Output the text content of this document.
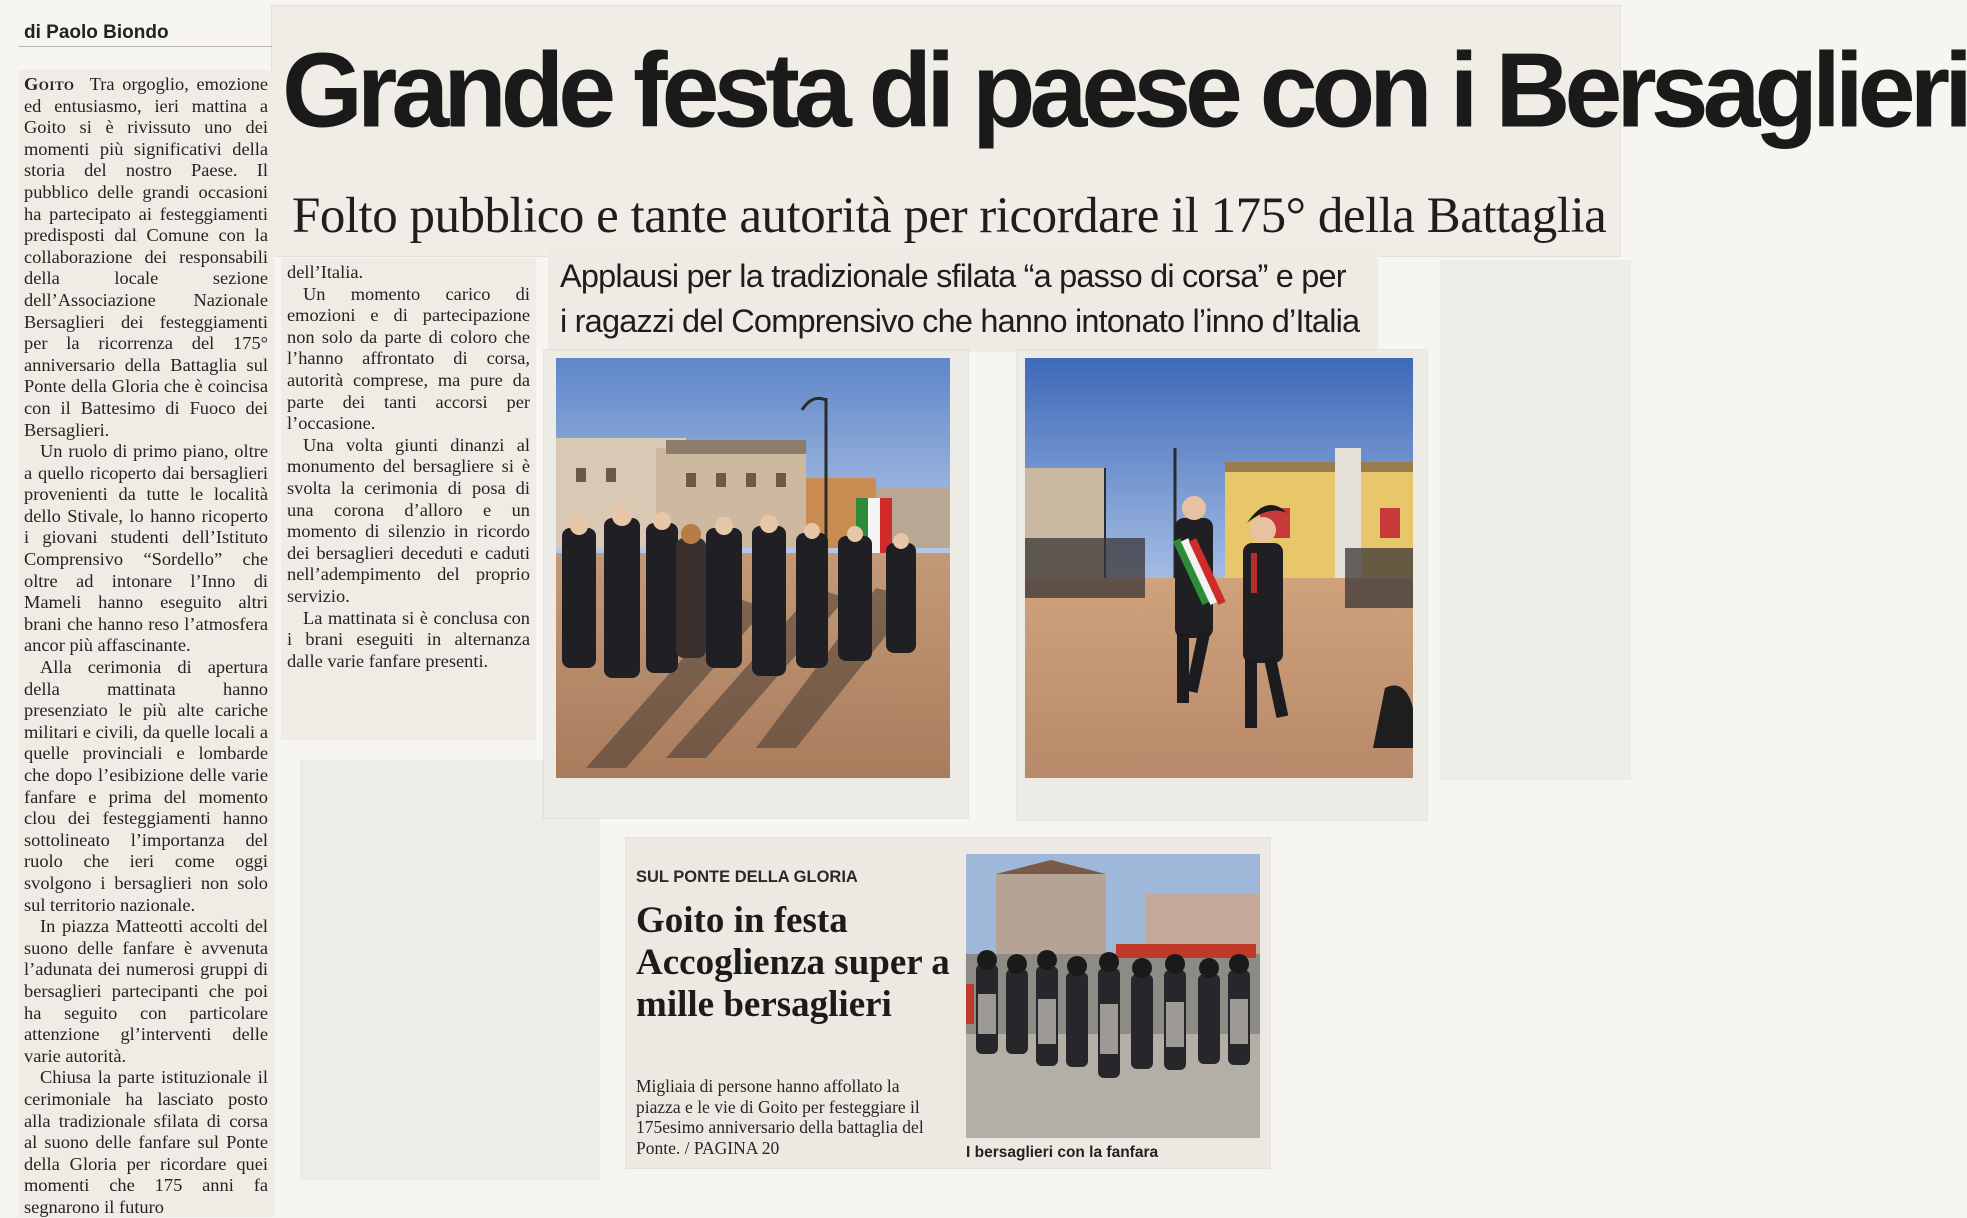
di Paolo Biondo	Grande festa di paese con i Bersaglieri
Folto pubblico e tante autorità per ricordare il 175° della Battaglia

Goito Tra orgoglio, emozione ed entusiasmo, ieri mattina a Goito si è rivissuto uno dei momenti più significativi della storia del nostro Paese. Il pubblico delle grandi occasioni ha partecipato ai festeggiamenti predisposti dal Comune con la collaborazione dei responsabili della locale sezione dell’Associazione Nazionale Bersaglieri dei festeggiamenti per la ricorrenza del 175° anniversario della Battaglia sul Ponte della Gloria che è coincisa con il Battesimo di Fuoco dei Bersaglieri.

Un ruolo di primo piano, oltre a quello ricoperto dai bersaglieri provenienti da tutte le località dello Stivale, lo hanno ricoperto i giovani studenti dell’Istituto Comprensivo “Sordello” che oltre ad intonare l’Inno di Mameli hanno eseguito altri brani che hanno reso l’atmosfera ancor più affascinante.

Alla cerimonia di apertura della mattinata hanno presenziato le più alte cariche militari e civili, da quelle locali a quelle provinciali e lombarde che dopo l’esibizione delle varie fanfare e prima del momento clou dei festeggiamenti hanno sottolineato l’importanza del ruolo che ieri come oggi svolgono i bersaglieri non solo sul territorio nazionale.

In piazza Matteotti accolti del suono delle fanfare è avvenuta l’adunata dei numerosi gruppi di bersaglieri partecipanti che poi ha seguito con particolare attenzione gl’interventi delle varie autorità.

Chiusa la parte istituzionale il cerimoniale ha lasciato posto alla tradizionale sfilata di corsa al suono delle fanfare sul Ponte della Gloria per ricordare quei momenti che 175 anni fa segnarono il futuro

dell’Italia.

Un momento carico di emozioni e di partecipazione non solo da parte di coloro che l’hanno affrontato di corsa, autorità comprese, ma pure da parte dei tanti accorsi per l’occasione.

Una volta giunti dinanzi al monumento del bersagliere si è svolta la cerimonia di posa di una corona d’alloro e un momento di silenzio in ricordo dei bersaglieri deceduti e caduti nell’adempimento del proprio servizio.

La mattinata si è conclusa con i brani eseguiti in alternanza dalle varie fanfare presenti.

Applausi per la tradizionale sfilata “a passo di corsa” e per
i ragazzi del Comprensivo che hanno intonato l’inno d’Italia
SUL PONTE DELLA GLORIA
Goito in festa Accoglienza super a mille bersaglieri
Migliaia di persone hanno affollato la piazza e le vie di Goito per festeggiare il 175esimo anniversario della battaglia del Ponte. / PAGINA 20	I bersaglieri con la fanfara
